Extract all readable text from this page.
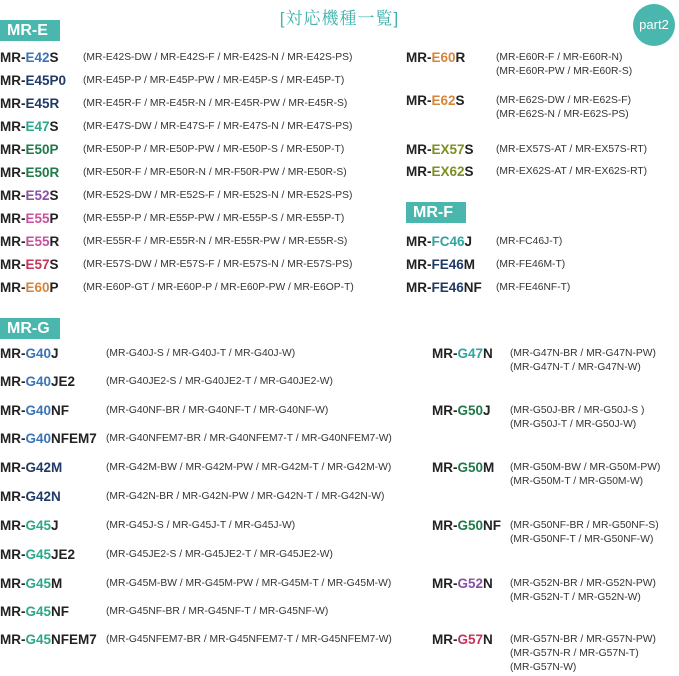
[対応機種一覧]	part2
MR-E
MR-F
MR-G
MR-E42S (MR-E42S-DW / MR-E42S-F / MR-E42S-N / MR-E42S-PS)
MR-E45P0 (MR-E45P-P / MR-E45P-PW / MR-E45P-S / MR-E45P-T)
MR-E45R (MR-E45R-F / MR-E45R-N / MR-E45R-PW / MR-E45R-S)
MR-E47S (MR-E47S-DW / MR-E47S-F / MR-E47S-N / MR-E47S-PS)
MR-E50P (MR-E50P-P / MR-E50P-PW / MR-E50P-S / MR-E50P-T)
MR-E50R (MR-E50R-F / MR-E50R-N / MR-F50R-PW / MR-E50R-S)
MR-E52S (MR-E52S-DW / MR-E52S-F / MR-E52S-N / MR-E52S-PS)
MR-E55P (MR-E55P-P / MR-E55P-PW / MR-E55P-S / MR-E55P-T)
MR-E55R (MR-E55R-F / MR-E55R-N / MR-E55R-PW / MR-E55R-S)
MR-E57S (MR-E57S-DW / MR-E57S-F / MR-E57S-N / MR-E57S-PS)
MR-E60P (MR-E60P-GT / MR-E60P-P / MR-E60P-PW / MR-E6OP-T)
MR-E60R	(MR-E60R-F / MR-E60R-N)
(MR-E60R-PW / MR-E60R-S)
MR-E62S	(MR-E62S-DW / MR-E62S-F)
(MR-E62S-N / MR-E62S-PS)
MR-EX57S (MR-EX57S-AT / MR-EX57S-RT)
MR-EX62S (MR-EX62S-AT / MR-EX62S-RT)
MR-FC46J (MR-FC46J-T)
MR-FE46M (MR-FE46M-T)
MR-FE46NF (MR-FE46NF-T)
MR-G40J	(MR-G40J-S / MR-G40J-T / MR-G40J-W)
MR-G40JE2	(MR-G40JE2-S / MR-G40JE2-T / MR-G40JE2-W)
MR-G40NF	(MR-G40NF-BR / MR-G40NF-T / MR-G40NF-W)
MR-G40NFEM7 (MR-G40NFEM7-BR / MR-G40NFEM7-T / MR-G40NFEM7-W)
MR-G42M	(MR-G42M-BW / MR-G42M-PW / MR-G42M-T / MR-G42M-W)
MR-G42N	(MR-G42N-BR / MR-G42N-PW / MR-G42N-T / MR-G42N-W)
MR-G45J	(MR-G45J-S / MR-G45J-T / MR-G45J-W)
MR-G45JE2	(MR-G45JE2-S / MR-G45JE2-T / MR-G45JE2-W)
MR-G45M	(MR-G45M-BW / MR-G45M-PW / MR-G45M-T / MR-G45M-W)
MR-G45NF	(MR-G45NF-BR / MR-G45NF-T / MR-G45NF-W)
MR-G45NFEM7 (MR-G45NFEM7-BR / MR-G45NFEM7-T / MR-G45NFEM7-W)
MR-G47N (MR-G47N-BR / MR-G47N-PW)
(MR-G47N-T / MR-G47N-W)
MR-G50J (MR-G50J-BR / MR-G50J-S )
(MR-G50J-T / MR-G50J-W)
MR-G50M (MR-G50M-BW / MR-G50M-PW)
(MR-G50M-T / MR-G50M-W)
MR-G50NF (MR-G50NF-BR / MR-G50NF-S)
(MR-G50NF-T / MR-G50NF-W)
MR-G52N (MR-G52N-BR / MR-G52N-PW)
(MR-G52N-T / MR-G52N-W)
MR-G57N (MR-G57N-BR / MR-G57N-PW)
(MR-G57N-R / MR-G57N-T)
(MR-G57N-W)
